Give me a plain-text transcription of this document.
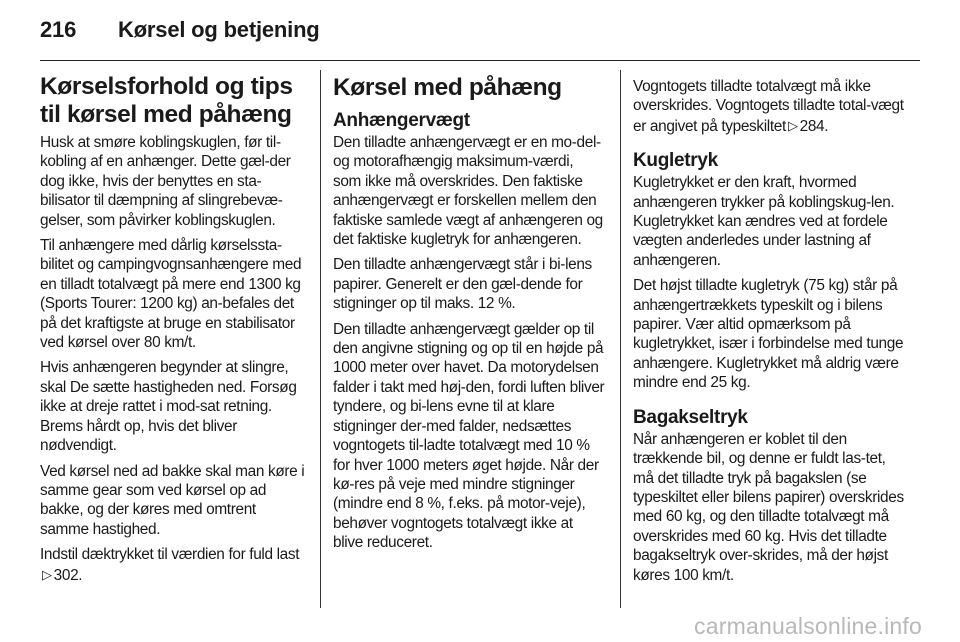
216	Kørsel og betjening
Kørselsforhold og tips til kørsel med påhæng

Husk at smøre koblingskuglen, før til-kobling af en anhænger. Dette gæl-der dog ikke, hvis der benyttes en sta-bilisator til dæmpning af slingrebevæ-gelser, som påvirker koblingskuglen.

Til anhængere med dårlig kørselssta-bilitet og campingvognsanhængere med en tilladt totalvægt på mere end 1300 kg (Sports Tourer: 1200 kg) an-befales det på det kraftigste at bruge en stabilisator ved kørsel over 80 km/t.

Hvis anhængeren begynder at slingre, skal De sætte hastigheden ned. Forsøg ikke at dreje rattet i mod-sat retning. Brems hårdt op, hvis det bliver nødvendigt.

Ved kørsel ned ad bakke skal man køre i samme gear som ved kørsel op ad bakke, og der køres med omtrent samme hastighed.

Indstil dæktrykket til værdien for fuld last▷ 302.

Kørsel med påhæng
Anhængervægt

Den tilladte anhængervægt er en mo-del- og motorafhængig maksimum-værdi, som ikke må overskrides. Den faktiske anhængervægt er forskellen mellem den faktiske samlede vægt af anhængeren og det faktiske kugletryk for anhængeren.

Den tilladte anhængervægt står i bi-lens papirer. Generelt er den gæl-dende for stigninger op til maks. 12 %.

Den tilladte anhængervægt gælder op til den angivne stigning og op til en højde på 1000 meter over havet. Da motorydelsen falder i takt med høj-den, fordi luften bliver tyndere, og bi-lens evne til at klare stigninger der-med falder, nedsættes vogntogets til-ladte totalvægt med 10 % for hver 1000 meters øget højde. Når der kø-res på veje med mindre stigninger (mindre end 8 %, f.eks. på motor-veje), behøver vogntogets totalvægt ikke at blive reduceret.

Vogntogets tilladte totalvægt må ikke overskrides. Vogntogets tilladte total-vægt er angivet på typeskiltet ▷ 284.

Kugletryk

Kugletrykket er den kraft, hvormed anhængeren trykker på koblingskug-len. Kugletrykket kan ændres ved at fordele vægten anderledes under lastning af anhængeren.

Det højst tilladte kugletryk (75 kg) står på anhængertrækkets typeskilt og i bilens papirer. Vær altid opmærksom på kugletrykket, især i forbindelse med tunge anhængere. Kugletrykket må aldrig være mindre end 25 kg.

Bagakseltryk

Når anhængeren er koblet til den trækkende bil, og denne er fuldt las-tet, må det tilladte tryk på bagakslen (se typeskiltet eller bilens papirer) overskrides med 60 kg, og den tilladte totalvægt må overskrides med 60 kg. Hvis det tilladte bagakseltryk over-skrides, må der højst køres 100 km/t.

carmanualsonline.info
